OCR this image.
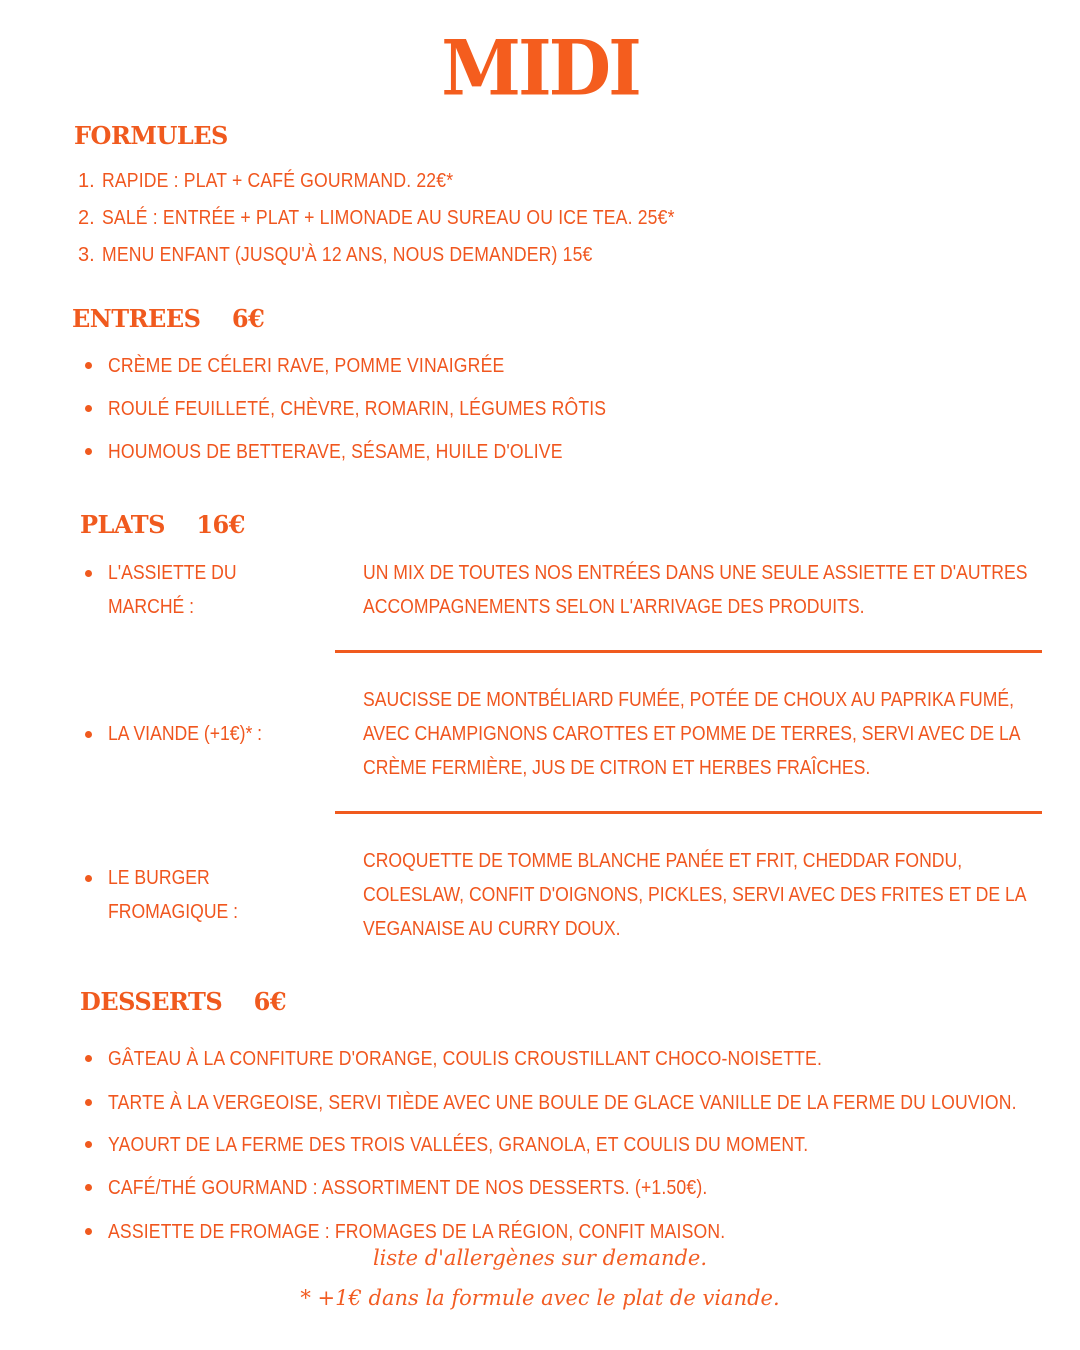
MIDI
FORMULES
1. RAPIDE : PLAT + CAFÉ GOURMAND. 22€*
2. SALÉ : ENTRÉE + PLAT + LIMONADE AU SUREAU OU ICE TEA. 25€*
3. MENU ENFANT (JUSQU'À 12 ANS, NOUS DEMANDER) 15€
ENTREES    6€
CRÈME DE CÉLERI RAVE, POMME VINAIGRÉE
ROULÉ FEUILLETÉ, CHÈVRE, ROMARIN, LÉGUMES RÔTIS
HOUMOUS DE BETTERAVE, SÉSAME, HUILE D'OLIVE
PLATS    16€
L'ASSIETTE DU
MARCHÉ :
UN MIX DE TOUTES NOS ENTRÉES DANS UNE SEULE ASSIETTE ET D'AUTRES
ACCOMPAGNEMENTS SELON L'ARRIVAGE DES PRODUITS.
LA VIANDE (+1€)* :
SAUCISSE DE MONTBÉLIARD FUMÉE, POTÉE DE CHOUX AU PAPRIKA FUMÉ,
AVEC CHAMPIGNONS CAROTTES ET POMME DE TERRES, SERVI AVEC DE LA
CRÈME FERMIÈRE, JUS DE CITRON ET HERBES FRAÎCHES.
LE BURGER
FROMAGIQUE :
CROQUETTE DE TOMME BLANCHE PANÉE ET FRIT, CHEDDAR FONDU,
COLESLAW, CONFIT D'OIGNONS, PICKLES, SERVI AVEC DES FRITES ET DE LA
VEGANAISE AU CURRY DOUX.
DESSERTS    6€
GÂTEAU À LA CONFITURE D'ORANGE, COULIS CROUSTILLANT CHOCO-NOISETTE.
TARTE À LA VERGEOISE, SERVI TIÈDE AVEC UNE BOULE DE GLACE VANILLE DE LA FERME DU LOUVION.
YAOURT DE LA FERME DES TROIS VALLÉES, GRANOLA, ET COULIS DU MOMENT.
CAFÉ/THÉ GOURMAND : ASSORTIMENT DE NOS DESSERTS. (+1.50€).
ASSIETTE DE FROMAGE : FROMAGES DE LA RÉGION, CONFIT MAISON.
liste d'allergènes sur demande.
* +1€ dans la formule avec le plat de viande.
